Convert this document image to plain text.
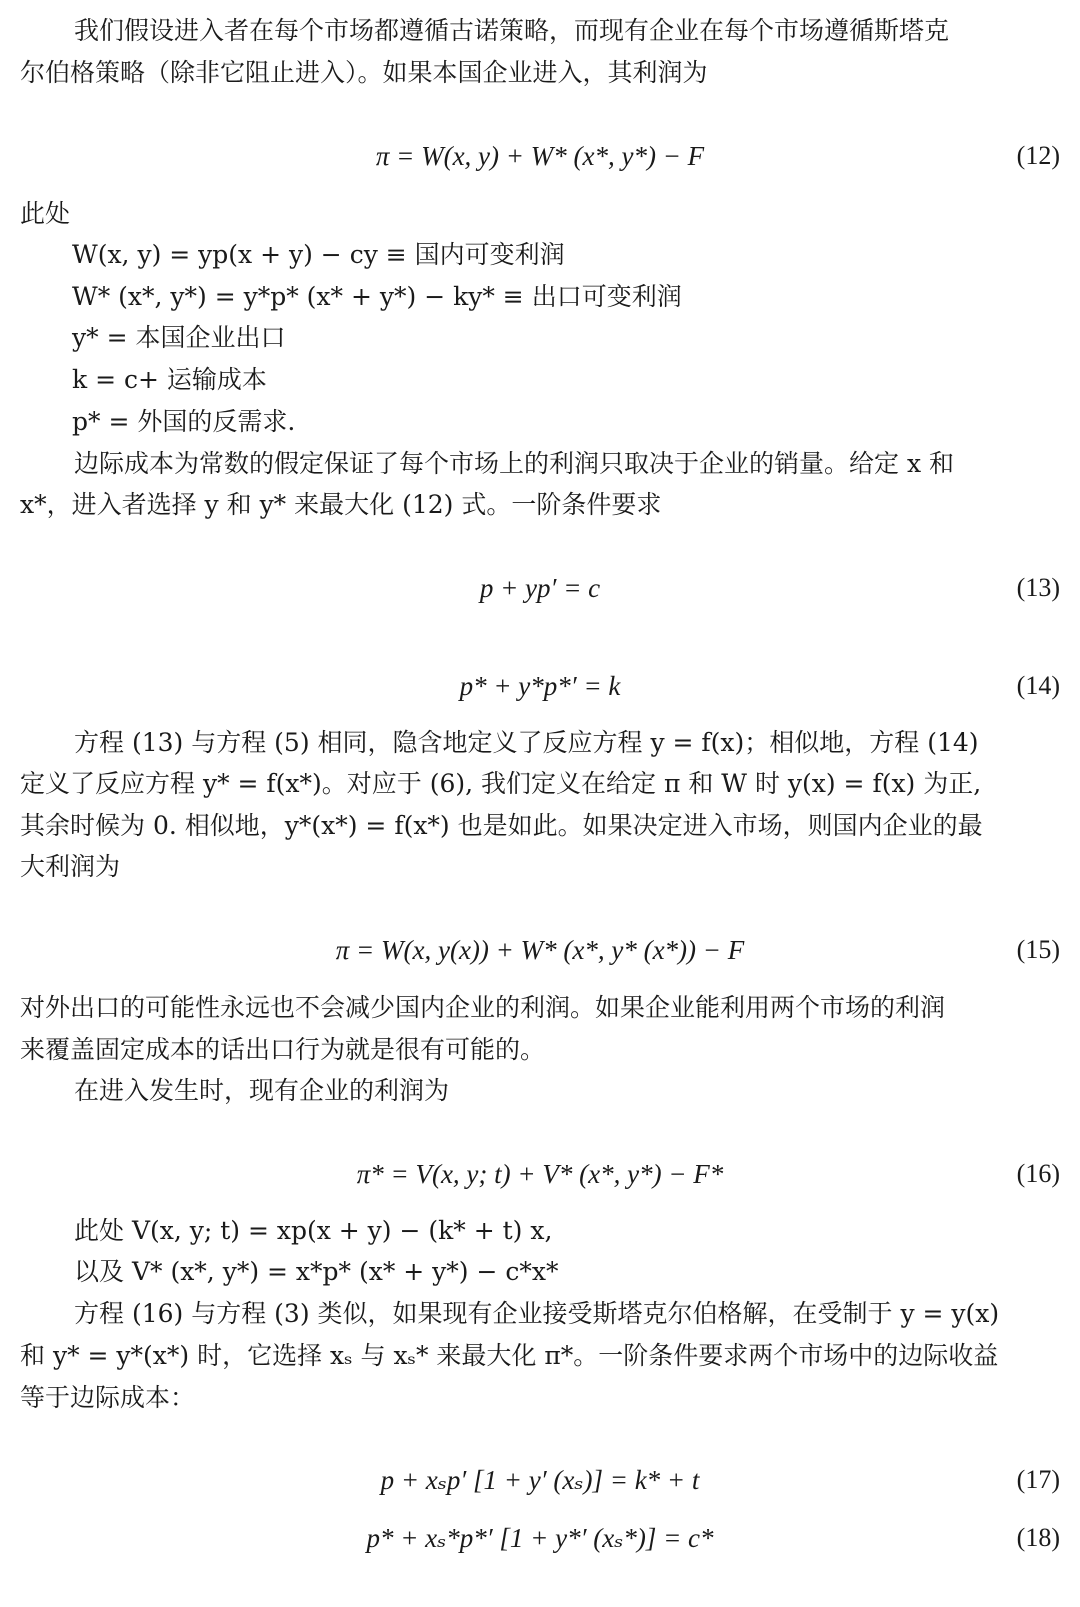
我们假设进入者在每个市场都遵循古诺策略，而现有企业在每个市场遵循斯塔克
尔伯格策略（除非它阻止进入）。如果本国企业进入，其利润为
π = W(x, y) + W* (x*, y*) − F	(12)
此处
W(x, y) = yp(x + y) − cy ≡ 国内可变利润
W* (x*, y*) = y*p* (x* + y*) − ky* ≡ 出口可变利润
y* = 本国企业出口
k = c+ 运输成本
p* = 外国的反需求.
边际成本为常数的假定保证了每个市场上的利润只取决于企业的销量。给定 x 和
x*，进入者选择 y 和 y* 来最大化 (12) 式。一阶条件要求
p + yp′ = c	(13)
p* + y*p*′ = k	(14)
方程 (13) 与方程 (5) 相同，隐含地定义了反应方程 y = f(x)；相似地，方程 (14)
定义了反应方程 y* = f(x*)。对应于 (6), 我们定义在给定 π 和 W 时 y(x) = f(x) 为正,
其余时候为 0. 相似地，y*(x*) = f(x*) 也是如此。如果决定进入市场，则国内企业的最
大利润为
π = W(x, y(x)) + W* (x*, y* (x*)) − F	(15)
对外出口的可能性永远也不会减少国内企业的利润。如果企业能利用两个市场的利润
来覆盖固定成本的话出口行为就是很有可能的。
在进入发生时，现有企业的利润为
π* = V(x, y; t) + V* (x*, y*) − F*	(16)
此处 V(x, y; t) = xp(x + y) − (k* + t) x,
以及 V* (x*, y*) = x*p* (x* + y*) − c*x*
方程 (16) 与方程 (3) 类似，如果现有企业接受斯塔克尔伯格解，在受制于 y = y(x)
和 y* = y*(x*) 时，它选择 xₛ 与 xₛ* 来最大化 π*。一阶条件要求两个市场中的边际收益
等于边际成本：
p + xₛp′ [1 + y′ (xₛ)] = k* + t	(17)
p* + xₛ*p*′ [1 + y*′ (xₛ*)] = c*	(18)
